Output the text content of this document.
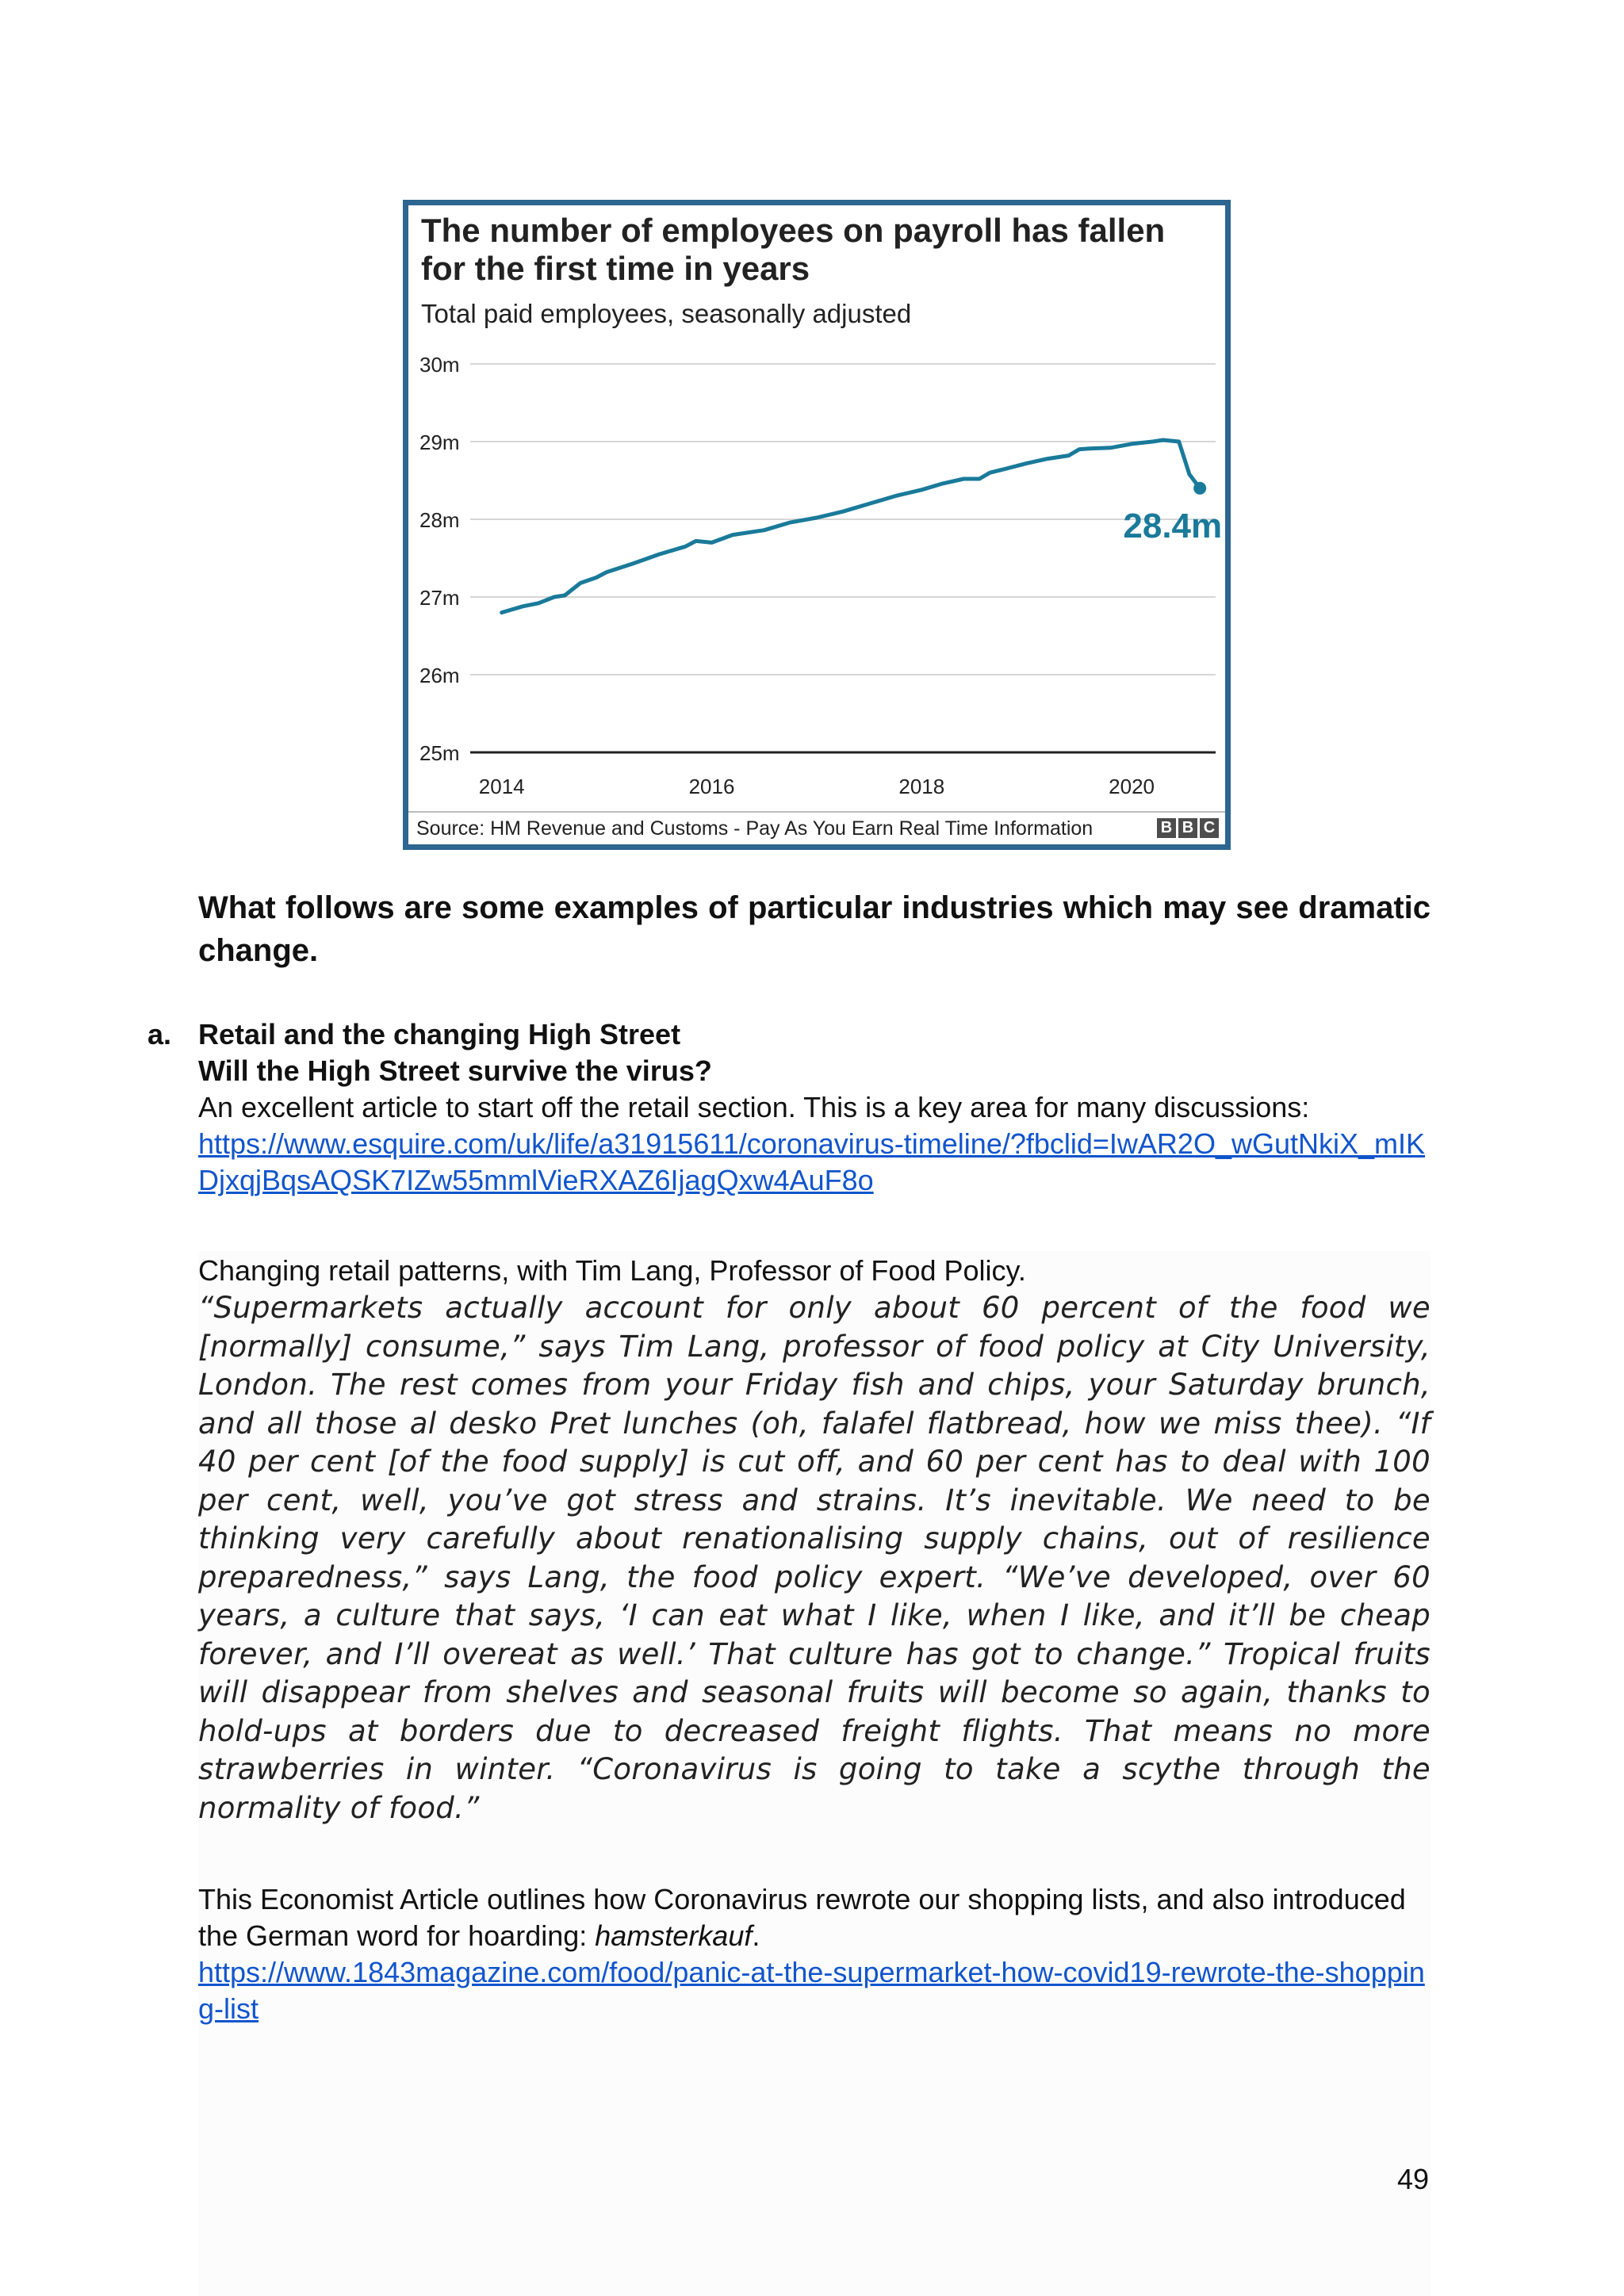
30m
29m
28m
27m
26m
25m
2014	2016	2018	2020
28.4m
The number of employees on payroll has fallen for the first time in years
Total paid employees, seasonally adjusted
Source: HM Revenue and Customs - Pay As You Earn Real Time Information	B B C

What follows are some examples of particular industries which may see dramatic change.

a. Retail and the changing High Street

Will the High Street survive the virus?

An excellent article to start off the retail section. This is a key area for many discussions:

https://www.esquire.com/uk/life/a31915611/coronavirus-timeline/?fbclid=IwAR2O_wGutNkiX_mIKDjxqjBqsAQSK7IZw55mmlVieRXAZ6IjagQxw4AuF8o

Changing retail patterns, with Tim Lang, Professor of Food Policy.

“Supermarkets actually account for only about 60 percent of the food we [normally] consume,” says Tim Lang, professor of food policy at City University, London. The rest comes from your Friday fish and chips, your Saturday brunch, and all those al desko Pret lunches (oh, falafel flatbread, how we miss thee). “If 40 per cent [of the food supply] is cut off, and 60 per cent has to deal with 100 per cent, well, you’ve got stress and strains. It’s inevitable. We need to be thinking very carefully about renationalising supply chains, out of resilience preparedness,” says Lang, the food policy expert. “We’ve developed, over 60 years, a culture that says, ‘I can eat what I like, when I like, and it’ll be cheap forever, and I’ll overeat as well.’ That culture has got to change.” Tropical fruits will disappear from shelves and seasonal fruits will become so again, thanks to hold-ups at borders due to decreased freight flights. That means no more strawberries in winter. “Coronavirus is going to take a scythe through the normality of food.”

This Economist Article outlines how Coronavirus rewrote our shopping lists, and also introduced the German word for hoarding: hamsterkauf.

https://www.1843magazine.com/food/panic-at-the-supermarket-how-covid19-rewrote-the-shopping-list

49
